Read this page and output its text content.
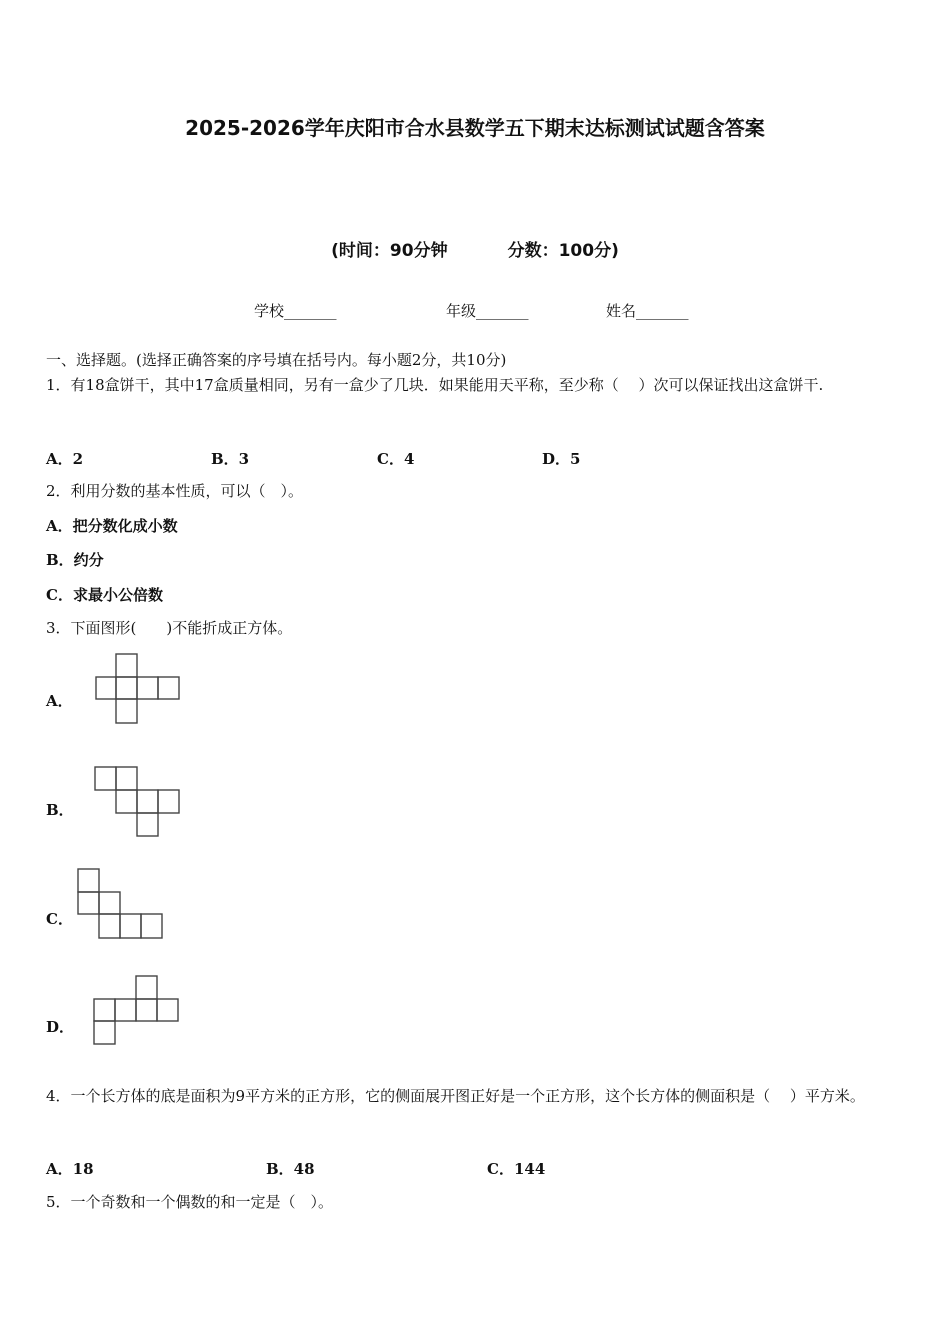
2025-2026学年庆阳市合水县数学五下期末达标测试试题含答案
(时间：90分钟	分数：100分)
学校_______	年级_______	姓名_______
一、选择题。(选择正确答案的序号填在括号内。每小题2分，共10分)
1．有18盒饼干，其中17盒质量相同，另有一盒少了几块．如果能用天平称，至少称（　 ）次可以保证找出这盒饼干.
A．2	B．3	C．4	D．5
2．利用分数的基本性质，可以（　）。
A．把分数化成小数
B．约分
C．求最小公倍数
3．下面图形(　　)不能折成正方体。
A．
B．
C．
D．
4．一个长方体的底是面积为9平方米的正方形，它的侧面展开图正好是一个正方形，这个长方体的侧面积是（　 ）平方米。
A．18	B．48	C．144
5．一个奇数和一个偶数的和一定是（　）。
